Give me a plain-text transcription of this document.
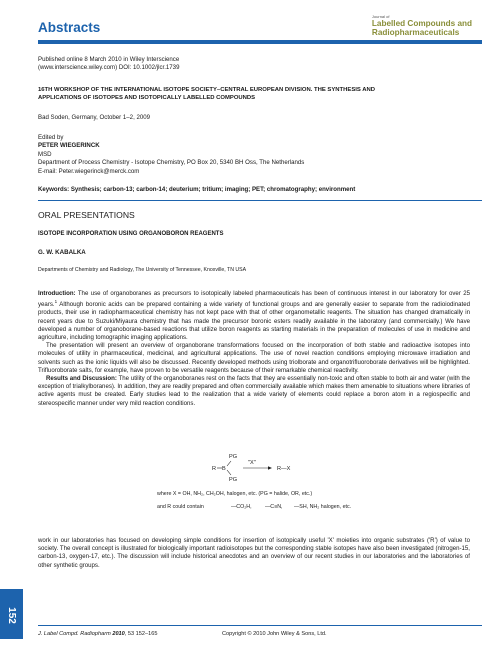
Abstracts
Journal of
Labelled Compounds and
Radiopharmaceuticals
Published online 8 March 2010 in Wiley Interscience
(www.interscience.wiley.com) DOI: 10.1002/jlcr.1739
16TH WORKSHOP OF THE INTERNATIONAL ISOTOPE SOCIETY–CENTRAL EUROPEAN DIVISION. THE SYNTHESIS AND
APPLICATIONS OF ISOTOPES AND ISOTOPICALLY LABELLED COMPOUNDS
Bad Soden, Germany, October 1–2, 2009
Edited by
PETER WIEGERINCK
MSD
Department of Process Chemistry - Isotope Chemistry, PO Box 20, 5340 BH Oss, The Netherlands
E-mail: Peter.wiegerinck@merck.com
Keywords: Synthesis; carbon-13; carbon-14; deuterium; tritium; imaging; PET; chromatography; environment
ORAL PRESENTATIONS
ISOTOPE INCORPORATION USING ORGANOBORON REAGENTS
G. W. KABALKA
Departments of Chemistry and Radiology, The University of Tennessee, Knoxville, TN USA

Introduction: The use of organoboranes as precursors to isotopically labeled pharmaceuticals has been of continuous interest in our laboratory for over 25 years.$^1$ Although boronic acids can be prepared containing a wide variety of functional groups and are generally easier to separate from the radioiodinated products, their use in radiopharmaceutical chemistry has not kept pace with that of other organometallic reagents. The situation has changed dramatically in recent years due to Suzuki/Miyaura chemistry that has made the precursor boronic esters readily available in the laboratory (and commercially.) We have developed a number of organoborane-based reactions that utilize boron reagents as starting materials in the preparation of molecules of use in medicine and agriculture, including tomographic imaging applications.

The presentation will present an overview of organoborane transformations focused on the incorporation of both stable and radioactive isotopes into molecules of utility in pharmaceutical, medicinal, and agricultural applications. The use of novel reaction conditions employing microwave irradiation and solvents such as the ionic liquids will also be discussed. Recently developed methods using triolborate and organotrifluoroborate derivatives will be highlighted. Trifluoroborate salts, for example, have proven to be versatile reagents because of their remarkable chemical reactivity.

Results and Discussion: The utility of the organoboranes rest on the facts that they are essentially non-toxic and often stable to both air and water (with the exception of trialkylboranes). In addition, they are readily prepared and often commercially available which makes them amenable to situations where libraries of active agents must be created. Early studies lead to the realization that a wide variety of elements could replace a boron atom in a regiospecific and stereospecific manner under very mild reaction conditions.

PG
R B
PG
"X"
R—X
where X = OH, NH₂, CH₂OH, halogen, etc. (PG = halide, OR, etc.)
and R could contain	—CO₂H,	—C≡N, —SH, NH₂ halogen, etc.

work in our laboratories has focused on developing simple conditions for insertion of isotopically useful 'X' moieties into organic substrates ('R') of value to society. The overall concept is illustrated for biologically important radioisotopes but the corresponding stable isotopes have also been investigated (nitrogen-15, carbon-13, oxygen-17, etc.). The discussion will include historical anecdotes and an overview of our recent studies in our laboratories and the laboratories of other synthetic groups.

152
J. Label Compd. Radiopharm 2010, 53 152–165	Copyright © 2010 John Wiley & Sons, Ltd.
